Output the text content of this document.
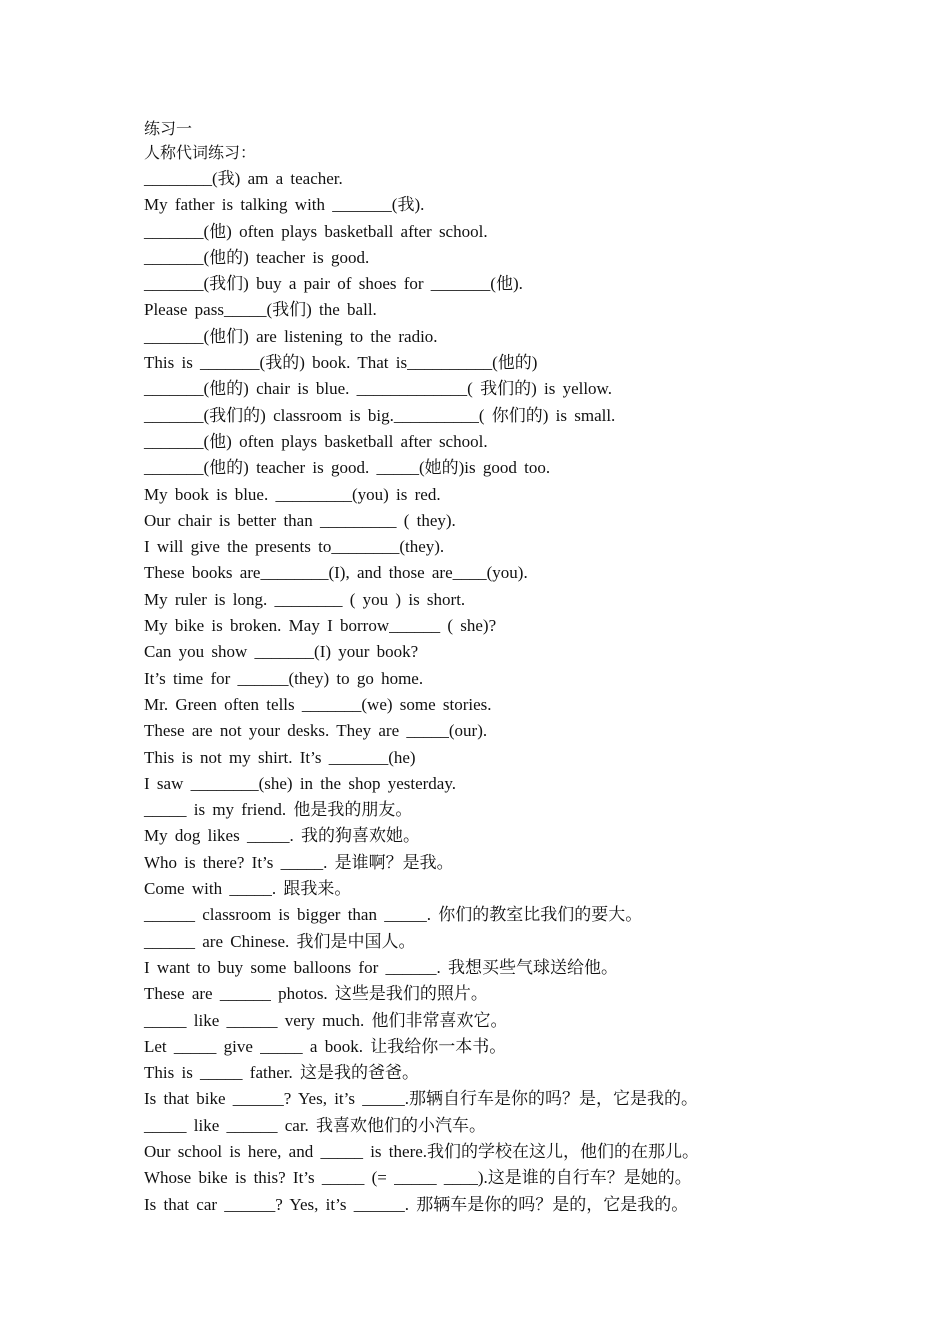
练习一
人称代词练习：
________(我) am a teacher.
My father is talking with _______(我).
_______(他) often plays basketball after school.
_______(他的) teacher is good.
_______(我们) buy a pair of shoes for _______(他).
Please pass_____(我们) the ball.
_______(他们) are listening to the radio.
This is _______(我的) book. That is__________(他的)
_______(他的) chair is blue. _____________( 我们的) is yellow.
_______(我们的) classroom is big.__________( 你们的) is small.
_______(他) often plays basketball after school.
_______(他的) teacher is good. _____(她的)is good too.
My book is blue. _________(you) is red.
Our chair is better than _________ ( they).
I will give the presents to________(they).
These books are________(I), and those are____(you).
My ruler is long. ________ ( you ) is short.
My bike is broken. May I borrow______ ( she)?
Can you show _______(I) your book?
It’s time for ______(they) to go home.
Mr. Green often tells _______(we) some stories.
These are not your desks. They are _____(our).
This is not my shirt. It’s _______(he)
I saw ________(she) in the shop yesterday.
_____ is my friend. 他是我的朋友。
My dog likes _____. 我的狗喜欢她。
Who is there? It’s _____. 是谁啊？是我。
Come with _____. 跟我来。
______ classroom is bigger than _____. 你们的教室比我们的要大。
______ are Chinese. 我们是中国人。
I want to buy some balloons for ______. 我想买些气球送给他。
These are ______ photos. 这些是我们的照片。
_____ like ______ very much. 他们非常喜欢它。
Let _____ give _____ a book. 让我给你一本书。
This is _____ father. 这是我的爸爸。
Is that bike ______? Yes, it’s _____.那辆自行车是你的吗？是，它是我的。
_____ like ______ car. 我喜欢他们的小汽车。
Our school is here, and _____ is there.我们的学校在这儿，他们的在那儿。
Whose bike is this? It’s _____ (= _____ ____).这是谁的自行车？是她的。
Is that car ______? Yes, it’s ______. 那辆车是你的吗？是的，它是我的。
